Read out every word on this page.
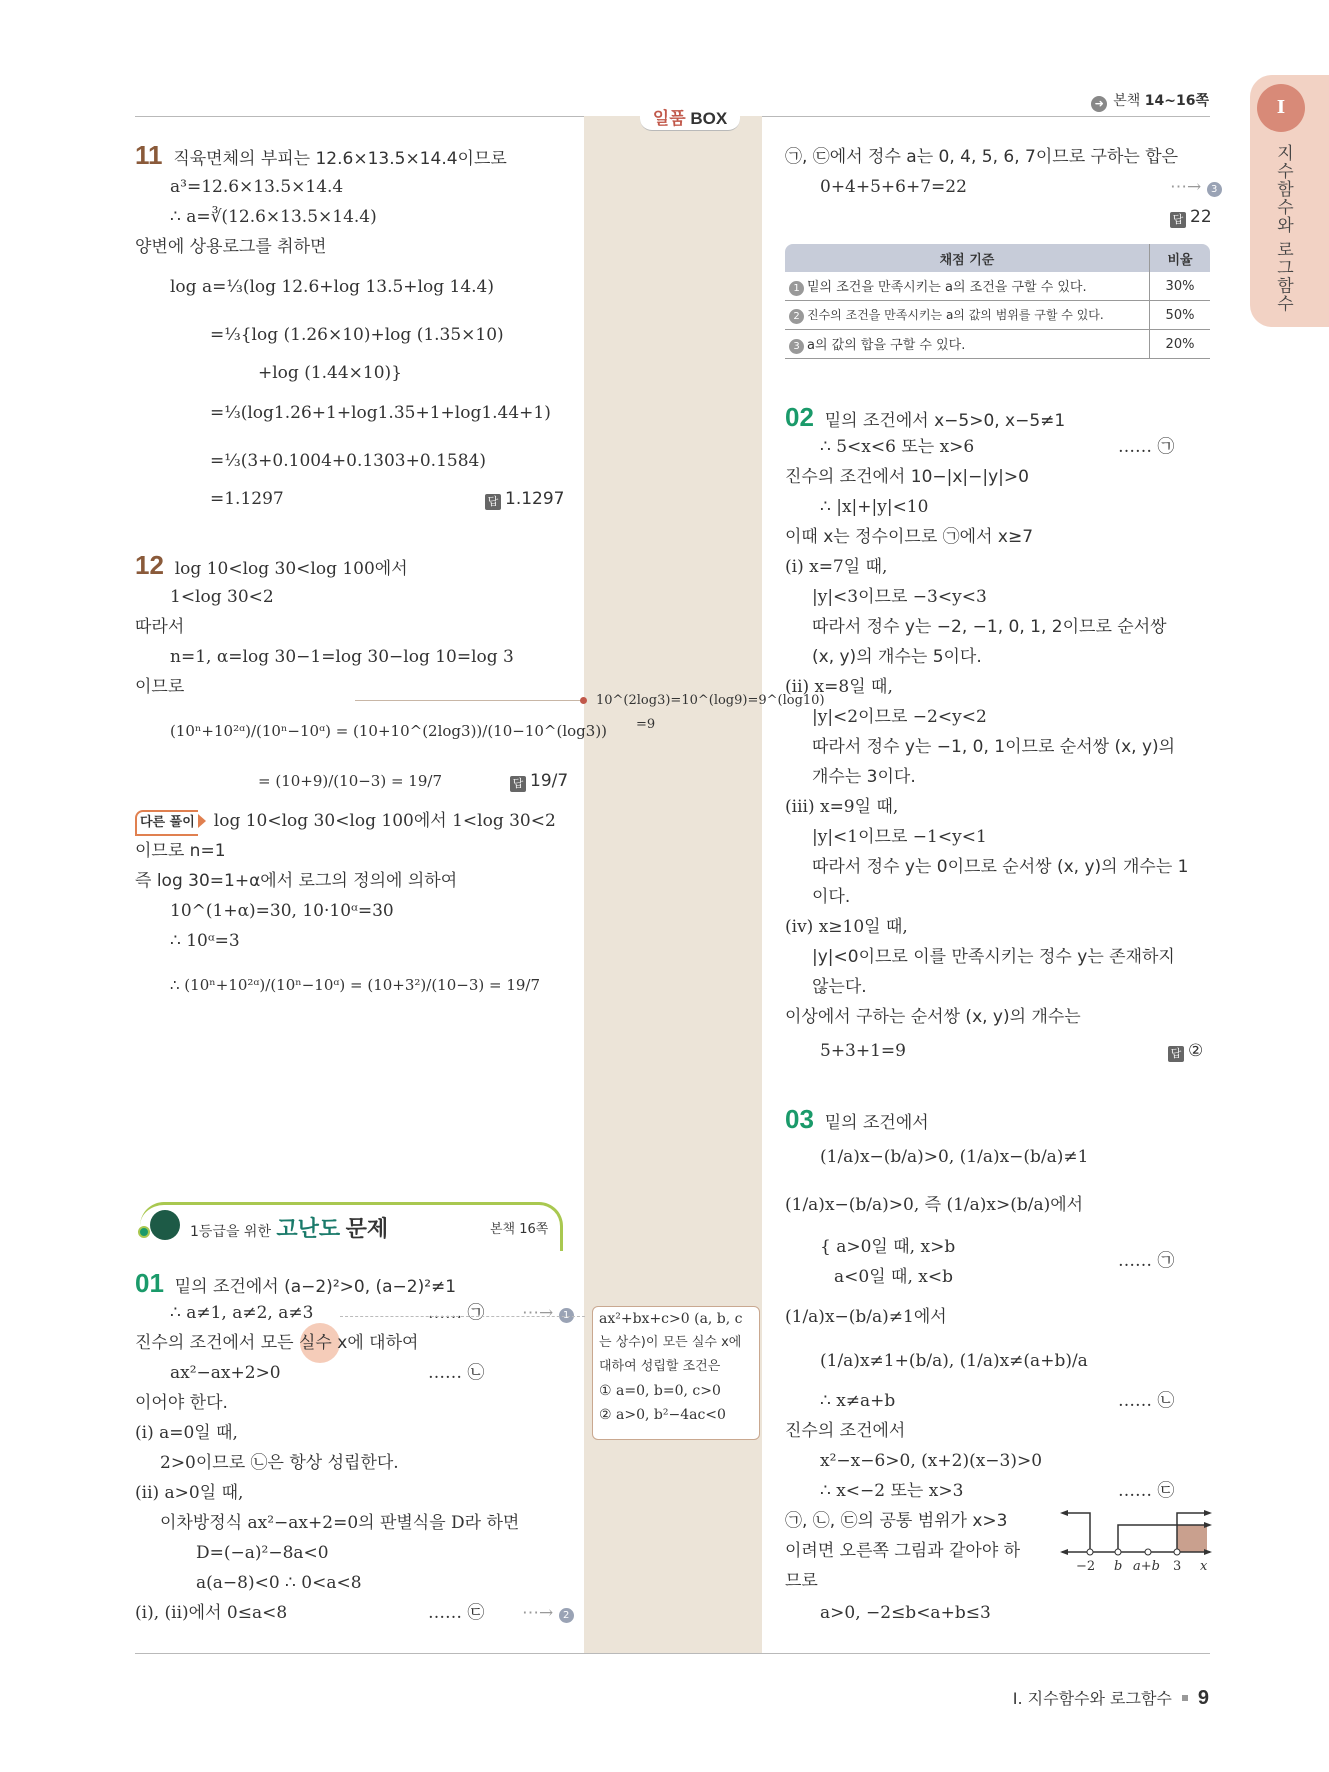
일품 BOX
➜ 본책 14~16쪽	I
지수함수와 로그함수
11 직육면체의 부피는 12.6×13.5×14.4이므로
a³=12.6×13.5×14.4
∴ a=∛(12.6×13.5×14.4)
양변에 상용로그를 취하면
log a=⅓(log 12.6+log 13.5+log 14.4)
=⅓{log (1.26×10)+log (1.35×10)
+log (1.44×10)}
=⅓(log1.26+1+log1.35+1+log1.44+1)
=⅓(3+0.1004+0.1303+0.1584)
=1.1297	답 1.1297
12 log 10<log 30<log 100에서
1<log 30<2
따라서
n=1, α=log 30−1=log 30−log 10=log 3
이므로
(10ⁿ+10²ᵅ)/(10ⁿ−10ᵅ) = (10+10^(2log3))/(10−10^(log3))
= (10+9)/(10−3) = 19/7	답 19/7
다른 풀이 log 10<log 30<log 100에서 1<log 30<2
이므로 n=1
즉 log 30=1+α에서 로그의 정의에 의하여
10^(1+α)=30, 10·10ᵅ=30
∴ 10ᵅ=3
∴ (10ⁿ+10²ᵅ)/(10ⁿ−10ᵅ) = (10+3²)/(10−3) = 19/7
10^(2log3)=10^(log9)=9^(log10)
=9
1등급을 위한 고난도 문제	본책 16쪽
01 밑의 조건에서 (a−2)²>0, (a−2)²≠1
∴ a≠1, a≠2, a≠3	…… ㉠ ⋯→ 1
진수의 조건에서 모든 실수 x에 대하여
ax²−ax+2>0	…… ㉡
이어야 한다.
(i) a=0일 때,
2>0이므로 ㉡은 항상 성립한다.
(ii) a>0일 때,
이차방정식 ax²−ax+2=0의 판별식을 D라 하면
D=(−a)²−8a<0
a(a−8)<0 ∴ 0<a<8
(i), (ii)에서 0≤a<8	…… ㉢ ⋯→ 2
ax²+bx+c>0 (a, b, c
는 상수)이 모든 실수 x에
대하여 성립할 조건은
① a=0, b=0, c>0
② a>0, b²−4ac<0
㉠, ㉢에서 정수 a는 0, 4, 5, 6, 7이므로 구하는 합은
0+4+5+6+7=22	⋯→ 3
답 22
채점 기준	비율
1 밑의 조건을 만족시키는 a의 조건을 구할 수 있다.	30%
2 진수의 조건을 만족시키는 a의 값의 범위를 구할 수 있다.	50%
3 a의 값의 합을 구할 수 있다.	20%
02 밑의 조건에서 x−5>0, x−5≠1
∴ 5<x<6 또는 x>6	…… ㉠
진수의 조건에서 10−|x|−|y|>0
∴ |x|+|y|<10
이때 x는 정수이므로 ㉠에서 x≥7
(i) x=7일 때,
|y|<3이므로 −3<y<3
따라서 정수 y는 −2, −1, 0, 1, 2이므로 순서쌍
(x, y)의 개수는 5이다.
(ii) x=8일 때,
|y|<2이므로 −2<y<2
따라서 정수 y는 −1, 0, 1이므로 순서쌍 (x, y)의
개수는 3이다.
(iii) x=9일 때,
|y|<1이므로 −1<y<1
따라서 정수 y는 0이므로 순서쌍 (x, y)의 개수는 1
이다.
(iv) x≥10일 때,
|y|<0이므로 이를 만족시키는 정수 y는 존재하지
않는다.
이상에서 구하는 순서쌍 (x, y)의 개수는
5+3+1=9	답 ②
03 밑의 조건에서
(1/a)x−(b/a)>0, (1/a)x−(b/a)≠1
(1/a)x−(b/a)>0, 즉 (1/a)x>(b/a)에서
{ a>0일 때, x>b
a<0일 때, x<b
…… ㉠
(1/a)x−(b/a)≠1에서
(1/a)x≠1+(b/a), (1/a)x≠(a+b)/a
∴ x≠a+b	…… ㉡
진수의 조건에서
x²−x−6>0, (x+2)(x−3)>0
∴ x<−2 또는 x>3	…… ㉢
㉠, ㉡, ㉢의 공통 범위가 x>3
이려면 오른쪽 그림과 같아야 하
므로
a>0, −2≤b<a+b≤3
−2 b a+b 3 x
I. 지수함수와 로그함수 9
